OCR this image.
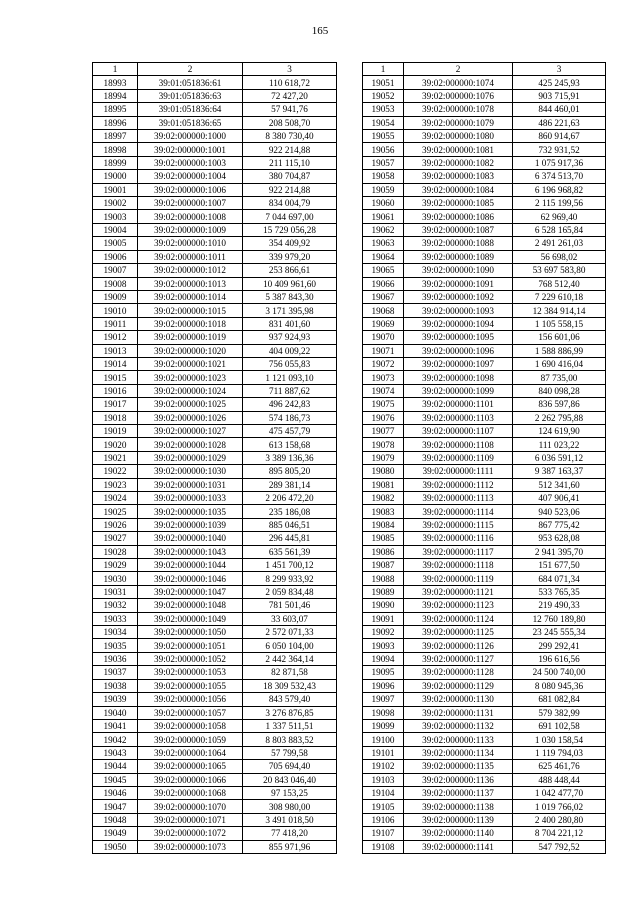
165
1	2	3
18993	39:01:051836:61	110 618,72
18994	39:01:051836:63	72 427,20
18995	39:01:051836:64	57 941,76
18996	39:01:051836:65	208 508,70
18997	39:02:000000:1000	8 380 730,40
18998	39:02:000000:1001	922 214,88
18999	39:02:000000:1003	211 115,10
19000	39:02:000000:1004	380 704,87
19001	39:02:000000:1006	922 214,88
19002	39:02:000000:1007	834 004,79
19003	39:02:000000:1008	7 044 697,00
19004	39:02:000000:1009	15 729 056,28
19005	39:02:000000:1010	354 409,92
19006	39:02:000000:1011	339 979,20
19007	39:02:000000:1012	253 866,61
19008	39:02:000000:1013	10 409 961,60
19009	39:02:000000:1014	5 387 843,30
19010	39:02:000000:1015	3 171 395,98
19011	39:02:000000:1018	831 401,60
19012	39:02:000000:1019	937 924,93
19013	39:02:000000:1020	404 009,22
19014	39:02:000000:1021	756 055,83
19015	39:02:000000:1023	1 121 093,10
19016	39:02:000000:1024	711 887,62
19017	39:02:000000:1025	496 242,83
19018	39:02:000000:1026	574 186,73
19019	39:02:000000:1027	475 457,79
19020	39:02:000000:1028	613 158,68
19021	39:02:000000:1029	3 389 136,36
19022	39:02:000000:1030	895 805,20
19023	39:02:000000:1031	289 381,14
19024	39:02:000000:1033	2 206 472,20
19025	39:02:000000:1035	235 186,08
19026	39:02:000000:1039	885 046,51
19027	39:02:000000:1040	296 445,81
19028	39:02:000000:1043	635 561,39
19029	39:02:000000:1044	1 451 700,12
19030	39:02:000000:1046	8 299 933,92
19031	39:02:000000:1047	2 059 834,48
19032	39:02:000000:1048	781 501,46
19033	39:02:000000:1049	33 603,07
19034	39:02:000000:1050	2 572 071,33
19035	39:02:000000:1051	6 050 104,00
19036	39:02:000000:1052	2 442 364,14
19037	39:02:000000:1053	82 871,58
19038	39:02:000000:1055	18 309 532,43
19039	39:02:000000:1056	843 579,40
19040	39:02:000000:1057	3 276 876,85
19041	39:02:000000:1058	1 337 511,51
19042	39:02:000000:1059	8 803 883,52
19043	39:02:000000:1064	57 799,58
19044	39:02:000000:1065	705 694,40
19045	39:02:000000:1066	20 843 046,40
19046	39:02:000000:1068	97 153,25
19047	39:02:000000:1070	308 980,00
19048	39:02:000000:1071	3 491 018,50
19049	39:02:000000:1072	77 418,20
19050	39:02:000000:1073	855 971,96
1	2	3
19051	39:02:000000:1074	425 245,93
19052	39:02:000000:1076	903 715,91
19053	39:02:000000:1078	844 460,01
19054	39:02:000000:1079	486 221,63
19055	39:02:000000:1080	860 914,67
19056	39:02:000000:1081	732 931,52
19057	39:02:000000:1082	1 075 917,36
19058	39:02:000000:1083	6 374 513,70
19059	39:02:000000:1084	6 196 968,82
19060	39:02:000000:1085	2 115 199,56
19061	39:02:000000:1086	62 969,40
19062	39:02:000000:1087	6 528 165,84
19063	39:02:000000:1088	2 491 261,03
19064	39:02:000000:1089	56 698,02
19065	39:02:000000:1090	53 697 583,80
19066	39:02:000000:1091	768 512,40
19067	39:02:000000:1092	7 229 610,18
19068	39:02:000000:1093	12 384 914,14
19069	39:02:000000:1094	1 105 558,15
19070	39:02:000000:1095	156 601,06
19071	39:02:000000:1096	1 588 886,99
19072	39:02:000000:1097	1 690 416,04
19073	39:02:000000:1098	87 735,00
19074	39:02:000000:1099	840 098,28
19075	39:02:000000:1101	836 597,86
19076	39:02:000000:1103	2 262 795,88
19077	39:02:000000:1107	124 619,90
19078	39:02:000000:1108	111 023,22
19079	39:02:000000:1109	6 036 591,12
19080	39:02:000000:1111	9 387 163,37
19081	39:02:000000:1112	512 341,60
19082	39:02:000000:1113	407 906,41
19083	39:02:000000:1114	940 523,06
19084	39:02:000000:1115	867 775,42
19085	39:02:000000:1116	953 628,08
19086	39:02:000000:1117	2 941 395,70
19087	39:02:000000:1118	151 677,50
19088	39:02:000000:1119	684 071,34
19089	39:02:000000:1121	533 765,35
19090	39:02:000000:1123	219 490,33
19091	39:02:000000:1124	12 760 189,80
19092	39:02:000000:1125	23 245 555,34
19093	39:02:000000:1126	299 292,41
19094	39:02:000000:1127	196 616,56
19095	39:02:000000:1128	24 500 740,00
19096	39:02:000000:1129	8 080 945,36
19097	39:02:000000:1130	681 082,84
19098	39:02:000000:1131	579 382,99
19099	39:02:000000:1132	691 102,58
19100	39:02:000000:1133	1 030 158,54
19101	39:02:000000:1134	1 119 794,03
19102	39:02:000000:1135	625 461,76
19103	39:02:000000:1136	488 448,44
19104	39:02:000000:1137	1 042 477,70
19105	39:02:000000:1138	1 019 766,02
19106	39:02:000000:1139	2 400 280,80
19107	39:02:000000:1140	8 704 221,12
19108	39:02:000000:1141	547 792,52
